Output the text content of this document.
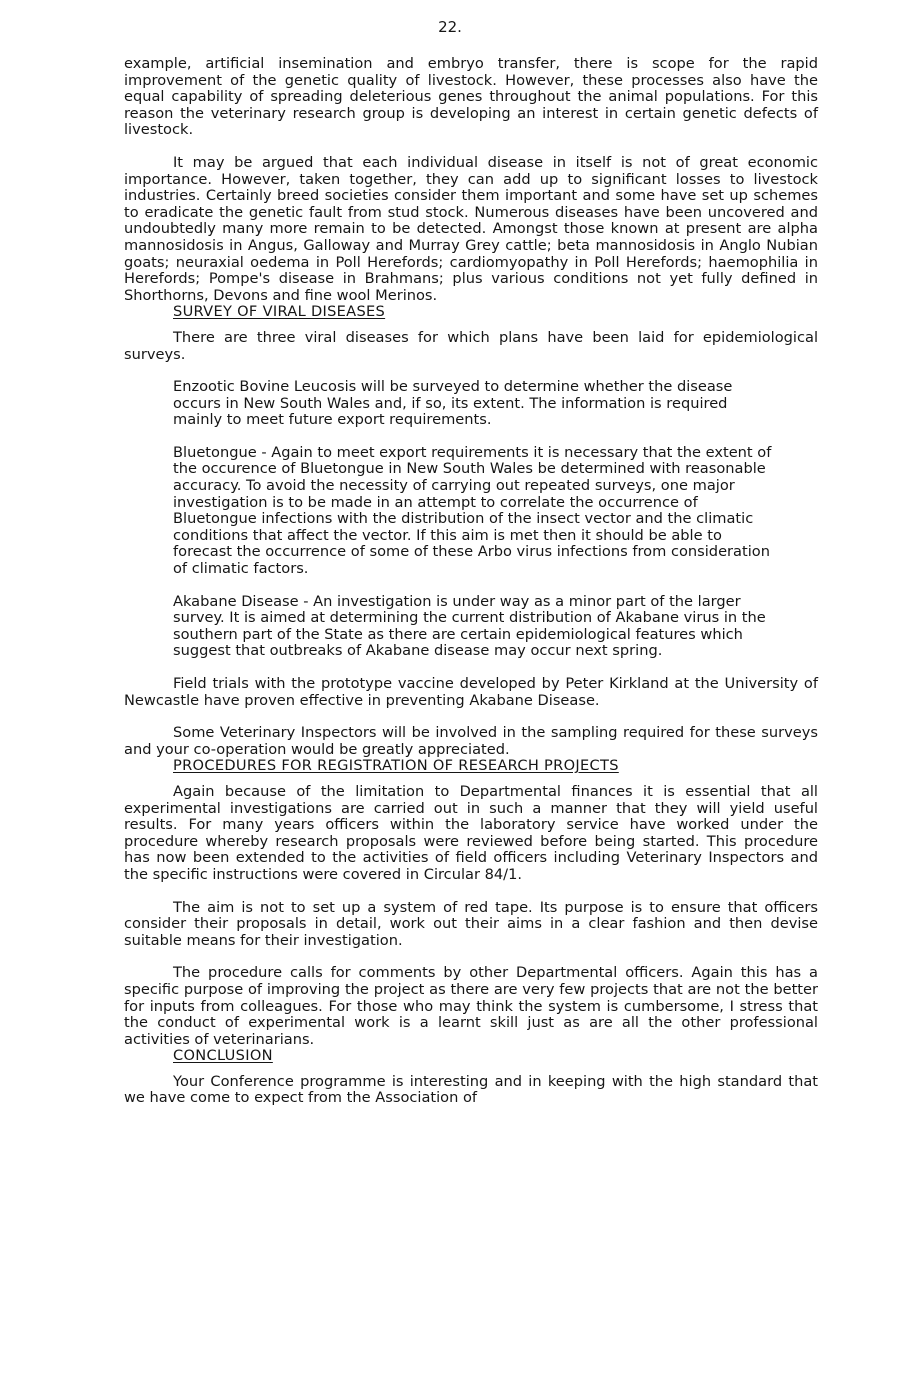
22.

example, artificial insemination and embryo transfer, there is scope for the rapid improvement of the genetic quality of livestock. However, these processes also have the equal capability of spreading deleterious genes throughout the animal populations. For this reason the veterinary research group is developing an interest in certain genetic defects of livestock.

It may be argued that each individual disease in itself is not of great economic importance. However, taken together, they can add up to significant losses to livestock industries. Certainly breed societies consider them important and some have set up schemes to eradicate the genetic fault from stud stock. Numerous diseases have been uncovered and undoubtedly many more remain to be detected. Amongst those known at present are alpha mannosidosis in Angus, Galloway and Murray Grey cattle; beta mannosidosis in Anglo Nubian goats; neuraxial oedema in Poll Herefords; cardiomyopathy in Poll Herefords; haemophilia in Herefords; Pompe's disease in Brahmans; plus various conditions not yet fully defined in Shorthorns, Devons and fine wool Merinos.

SURVEY OF VIRAL DISEASES

There are three viral diseases for which plans have been laid for epidemiological surveys.

Enzootic Bovine Leucosis will be surveyed to determine whether the disease occurs in New South Wales and, if so, its extent. The information is required mainly to meet future export requirements.

Bluetongue - Again to meet export requirements it is necessary that the extent of the occurence of Bluetongue in New South Wales be determined with reasonable accuracy. To avoid the necessity of carrying out repeated surveys, one major investigation is to be made in an attempt to correlate the occurrence of Bluetongue infections with the distribution of the insect vector and the climatic conditions that affect the vector. If this aim is met then it should be able to forecast the occurrence of some of these Arbo virus infections from consideration of climatic factors.

Akabane Disease - An investigation is under way as a minor part of the larger survey. It is aimed at determining the current distribution of Akabane virus in the southern part of the State as there are certain epidemiological features which suggest that outbreaks of Akabane disease may occur next spring.

Field trials with the prototype vaccine developed by Peter Kirkland at the University of Newcastle have proven effective in preventing Akabane Disease.

Some Veterinary Inspectors will be involved in the sampling required for these surveys and your co-operation would be greatly appreciated.

PROCEDURES FOR REGISTRATION OF RESEARCH PROJECTS

Again because of the limitation to Departmental finances it is essential that all experimental investigations are carried out in such a manner that they will yield useful results. For many years officers within the laboratory service have worked under the procedure whereby research proposals were reviewed before being started. This procedure has now been extended to the activities of field officers including Veterinary Inspectors and the specific instructions were covered in Circular 84/1.

The aim is not to set up a system of red tape. Its purpose is to ensure that officers consider their proposals in detail, work out their aims in a clear fashion and then devise suitable means for their investigation.

The procedure calls for comments by other Departmental officers. Again this has a specific purpose of improving the project as there are very few projects that are not the better for inputs from colleagues. For those who may think the system is cumbersome, I stress that the conduct of experimental work is a learnt skill just as are all the other professional activities of veterinarians.

CONCLUSION

Your Conference programme is interesting and in keeping with the high standard that we have come to expect from the Association of
